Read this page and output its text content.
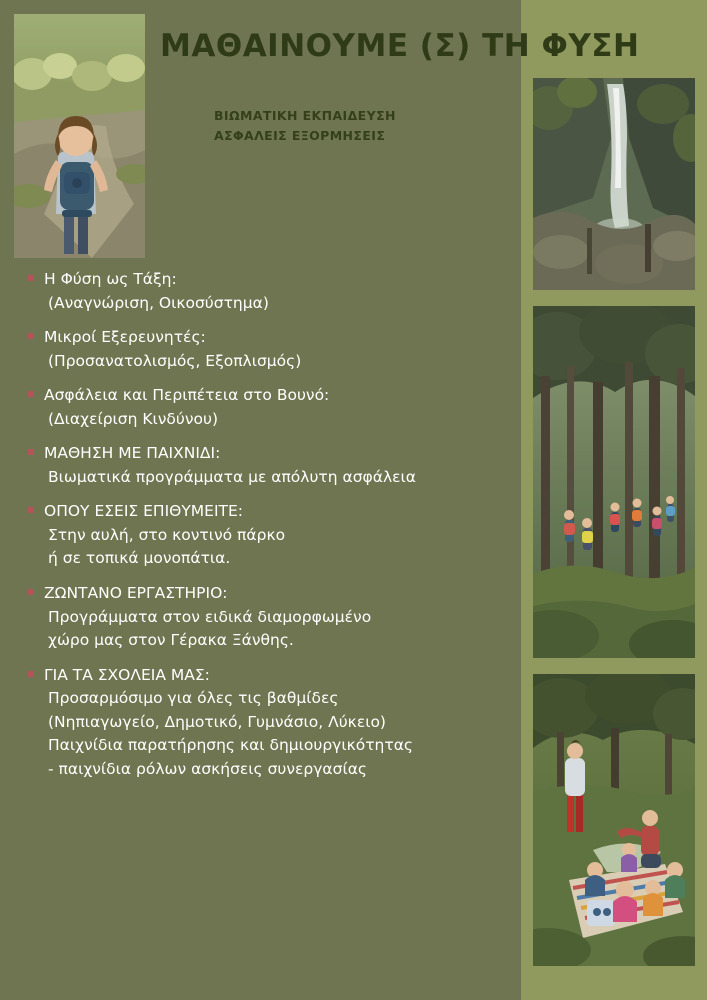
ΜΑΘΑΙΝΟΥΜΕ (Σ) ΤΗ ΦΥΣΗ
ΒΙΩΜΑΤΙΚΗ ΕΚΠΑΙΔΕΥΣΗ
ΑΣΦΑΛΕΙΣ ΕΞΟΡΜΗΣΕΙΣ
Η Φύση ως Τάξη:
(Αναγνώριση, Οικοσύστημα)
Μικροί Εξερευνητές:
(Προσανατολισμός, Εξοπλισμός)
Ασφάλεια και Περιπέτεια στο Βουνό:
(Διαχείριση Κινδύνου)
ΜΑΘΗΣΗ ΜΕ ΠΑΙΧΝΙΔΙ:
Βιωματικά προγράμματα με απόλυτη ασφάλεια
ΟΠΟΥ ΕΣΕΙΣ ΕΠΙΘΥΜΕΙΤΕ:
Στην αυλή, στο κοντινό πάρκο
ή σε τοπικά μονοπάτια.
ΖΩΝΤΑΝΟ ΕΡΓΑΣΤΗΡΙΟ:
Προγράμματα στον ειδικά διαμορφωμένο
χώρο μας στον Γέρακα Ξάνθης.
ΓΙΑ ΤΑ ΣΧΟΛΕΙΑ ΜΑΣ:
Προσαρμόσιμο για όλες τις βαθμίδες
(Νηπιαγωγείο, Δημοτικό, Γυμνάσιο, Λύκειο)
Παιχνίδια παρατήρησης και δημιουργικότητας
- παιχνίδια ρόλων ασκήσεις συνεργασίας
